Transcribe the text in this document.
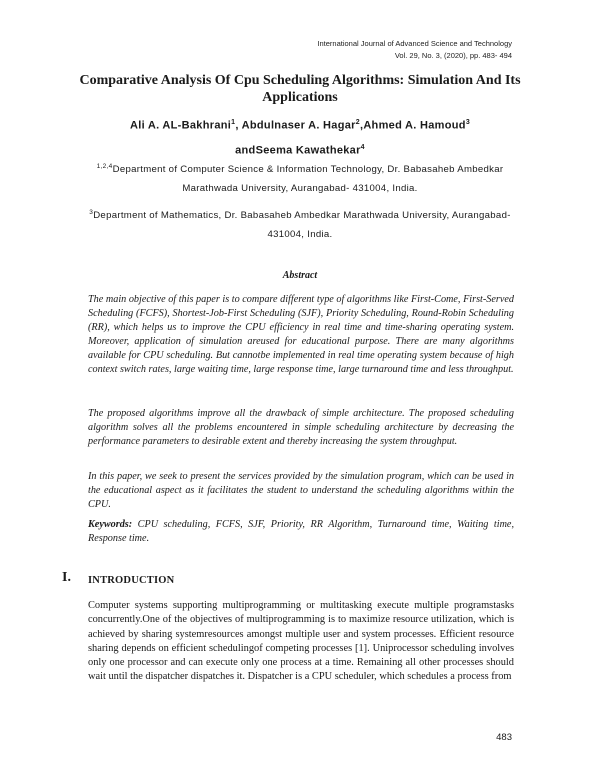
International Journal of Advanced Science and Technology
Vol. 29, No. 3, (2020), pp. 483- 494
Comparative Analysis Of Cpu Scheduling Algorithms: Simulation And Its Applications
Ali A. AL-Bakhrani$^1$, Abdulnaser A. Hagar$^2$,Ahmed A. Hamoud$^3$
andSeema Kawathekar$^4$
$^{1,2,4}$Department of Computer Science & Information Technology, Dr. Babasaheb Ambedkar Marathwada University, Aurangabad- 431004, India.
$^3$Department of Mathematics, Dr. Babasaheb Ambedkar Marathwada University, Aurangabad- 431004, India.
Abstract

The main objective of this paper is to compare different type of algorithms like First-Come, First-Served Scheduling (FCFS), Shortest-Job-First Scheduling (SJF), Priority Scheduling, Round-Robin Scheduling (RR), which helps us to improve the CPU efficiency in real time and time-sharing operating system. Moreover, application of simulation areused for educational purpose. There are many algorithms available for CPU scheduling. But cannotbe implemented in real time operating system because of high context switch rates, large waiting time, large response time, large turnaround time and less throughput.

The proposed algorithms improve all the drawback of simple architecture. The proposed scheduling algorithm solves all the problems encountered in simple scheduling architecture by decreasing the performance parameters to desirable extent and thereby increasing the system throughput.

In this paper, we seek to present the services provided by the simulation program, which can be used in the educational aspect as it facilitates the student to understand the scheduling algorithms within the CPU.

Keywords: CPU scheduling, FCFS, SJF, Priority, RR Algorithm, Turnaround time, Waiting time, Response time.

I. INTRODUCTION

Computer systems supporting multiprogramming or multitasking execute multiple programstasks concurrently.One of the objectives of multiprogramming is to maximize resource utilization, which is achieved by sharing systemresources amongst multiple user and system processes. Efficient resource sharing depends on efficient schedulingof competing processes [1]. Uniprocessor scheduling involves only one processor and can execute only one process at a time. Remaining all other processes should wait until the dispatcher dispatches it. Dispatcher is a CPU scheduler, which schedules a process from

483
